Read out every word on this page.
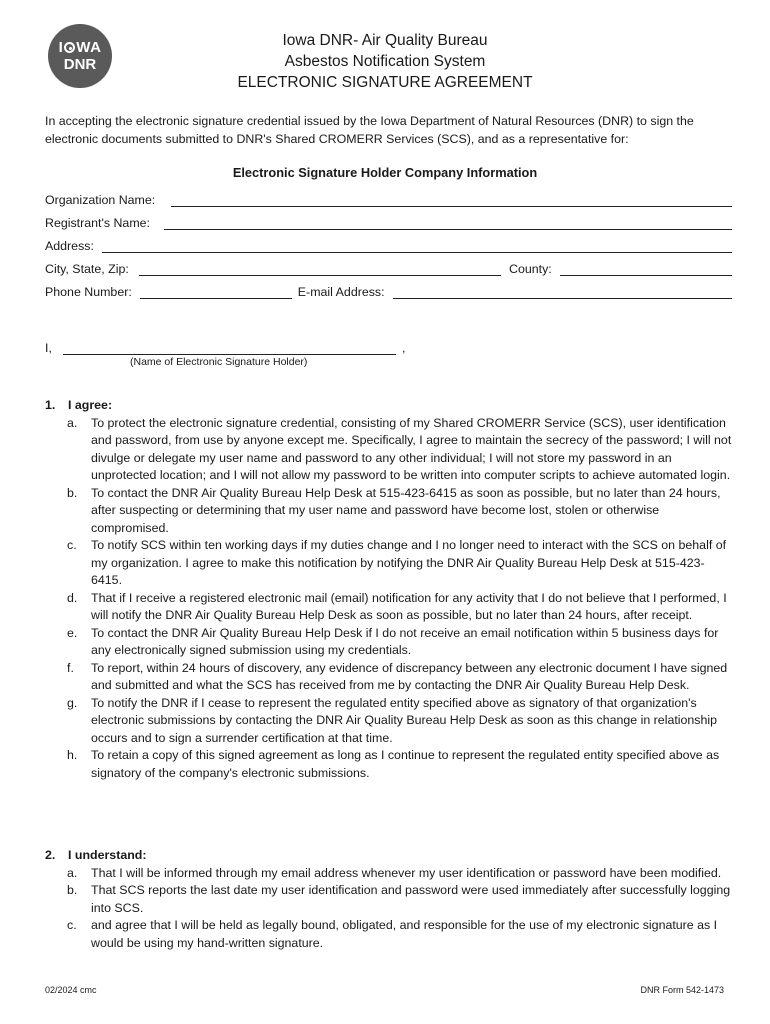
I WA
DNR
Iowa DNR- Air Quality Bureau
Asbestos Notification System
ELECTRONIC SIGNATURE AGREEMENT
In accepting the electronic signature credential issued by the Iowa Department of Natural Resources (DNR) to sign the electronic documents submitted to DNR's Shared CROMERR Services (SCS), and as a representative for:
Electronic Signature Holder Company Information
Organization Name:
Registrant's Name:
Address:
City, State, Zip:	County:
Phone Number:	E-mail Address:
I,	,
(Name of Electronic Signature Holder)
1.	I agree:
a.	To protect the electronic signature credential, consisting of my Shared CROMERR Service (SCS), user identification and password, from use by anyone except me. Specifically, I agree to maintain the secrecy of the password; I will not divulge or delegate my user name and password to any other individual; I will not store my password in an unprotected location; and I will not allow my password to be written into computer scripts to achieve automated login.
b.	To contact the DNR Air Quality Bureau Help Desk at 515-423-6415 as soon as possible, but no later than 24 hours, after suspecting or determining that my user name and password have become lost, stolen or otherwise compromised.
c.	To notify SCS within ten working days if my duties change and I no longer need to interact with the SCS on behalf of my organization. I agree to make this notification by notifying the DNR Air Quality Bureau Help Desk at 515-423-6415.
d.	That if I receive a registered electronic mail (email) notification for any activity that I do not believe that I performed, I will notify the DNR Air Quality Bureau Help Desk as soon as possible, but no later than 24 hours, after receipt.
e.	To contact the DNR Air Quality Bureau Help Desk if I do not receive an email notification within 5 business days for any electronically signed submission using my credentials.
f.	To report, within 24 hours of discovery, any evidence of discrepancy between any electronic document I have signed and submitted and what the SCS has received from me by contacting the DNR Air Quality Bureau Help Desk.
g.	To notify the DNR if I cease to represent the regulated entity specified above as signatory of that organization's electronic submissions by contacting the DNR Air Quality Bureau Help Desk as soon as this change in relationship occurs and to sign a surrender certification at that time.
h.	To retain a copy of this signed agreement as long as I continue to represent the regulated entity specified above as signatory of the company's electronic submissions.
2.	I understand:
a.	That I will be informed through my email address whenever my user identification or password have been modified.
b.	That SCS reports the last date my user identification and password were used immediately after successfully logging into SCS.
c.	and agree that I will be held as legally bound, obligated, and responsible for the use of my electronic signature as I would be using my hand-written signature.
02/2024 cmc	DNR Form 542-1473
